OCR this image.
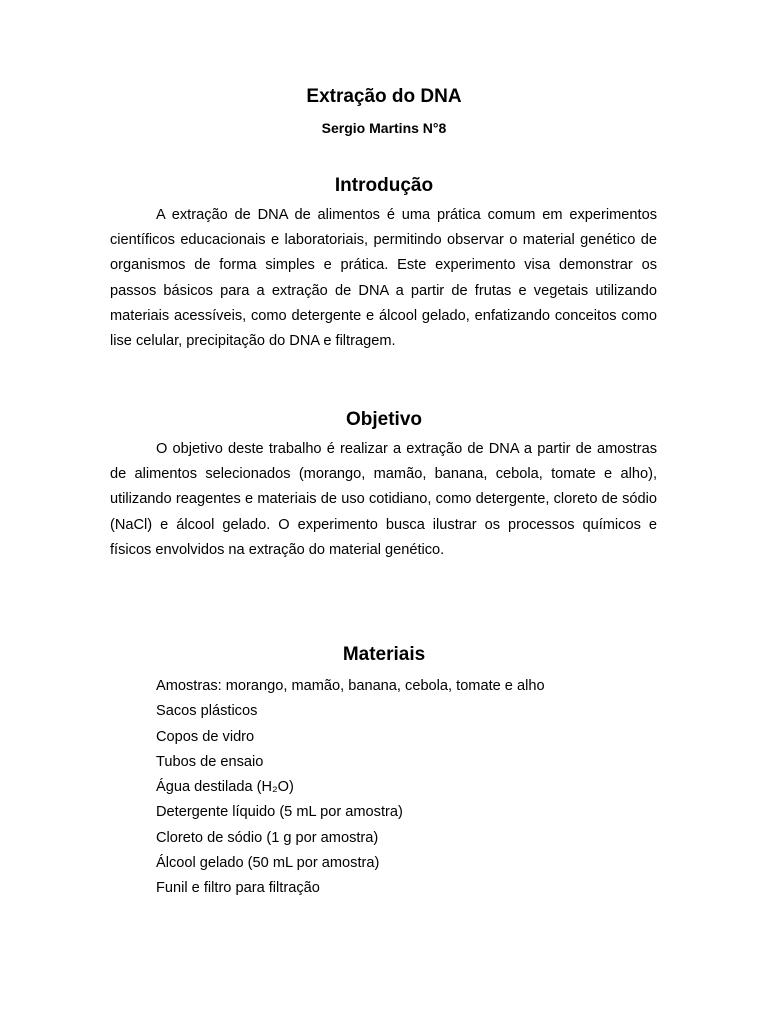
Extração do DNA
Sergio Martins N°8
Introdução

A extração de DNA de alimentos é uma prática comum em experimentos científicos educacionais e laboratoriais, permitindo observar o material genético de organismos de forma simples e prática. Este experimento visa demonstrar os passos básicos para a extração de DNA a partir de frutas e vegetais utilizando materiais acessíveis, como detergente e álcool gelado, enfatizando conceitos como lise celular, precipitação do DNA e filtragem.

Objetivo

O objetivo deste trabalho é realizar a extração de DNA a partir de amostras de alimentos selecionados (morango, mamão, banana, cebola, tomate e alho), utilizando reagentes e materiais de uso cotidiano, como detergente, cloreto de sódio (NaCl) e álcool gelado. O experimento busca ilustrar os processos químicos e físicos envolvidos na extração do material genético.

Materiais
Amostras: morango, mamão, banana, cebola, tomate e alho
Sacos plásticos
Copos de vidro
Tubos de ensaio
Água destilada (H₂O)
Detergente líquido (5 mL por amostra)
Cloreto de sódio (1 g por amostra)
Álcool gelado (50 mL por amostra)
Funil e filtro para filtração
